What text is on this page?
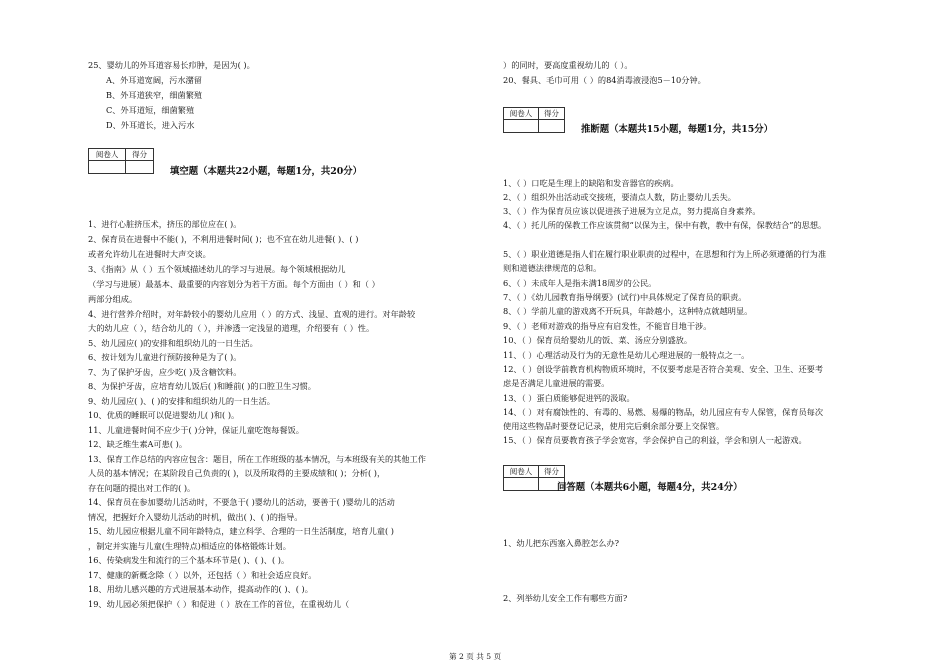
25、婴幼儿的外耳道容易长疖肿，是因为( )。
A、外耳道宽阔，污水潴留
B、外耳道狭窄，细菌繁殖
C、外耳道短，细菌繁殖
D、外耳道长，进入污水
阅卷人	得分

填空题（本题共22小题，每题1分，共20分）
1、进行心脏挤压术，挤压的部位应在( )。
2、保育员在进餐中不能( )，不利用进餐时间( )；也不宜在幼儿进餐( )、( )
或者允许幼儿在进餐时大声交谈。
3、《指南》从（ ）五个领域描述幼儿的学习与进展。每个领域根据幼儿
（学习与进展）最基本、最重要的内容划分为若干方面。每个方面由（ ）和（ ）
两部分组成。
4、进行营养介绍时，对年龄较小的婴幼儿应用（ ）的方式、浅显、直观的进行。对年龄较
大的幼儿应（ ），结合幼儿的（ ），并渗透一定浅显的道理，介绍要有（ ）性。
5、幼儿园应( )的安排和组织幼儿的一日生活。
6、按计划为儿童进行预防接种是为了( )。
7、为了保护牙齿，应少吃( )及含糖饮料。
8、为保护牙齿，应培育幼儿饭后( )和睡前( )的口腔卫生习惯。
9、幼儿园应( )、( )的安排和组织幼儿的一日生活。
10、优质的睡眠可以促进婴幼儿( )和( )。
11、儿童进餐时间不应少于( )分钟，保证儿童吃饱每餐饭。
12、缺乏维生素A可患( )。
13、保育工作总结的内容应包含：题目，所在工作班级的基本情况，与本班级有关的其他工作
人员的基本情况；在某阶段自己负责的( )，以及所取得的主要成绩和( )；分析( )，
存在问题的提出对工作的( )。
14、保育员在参加婴幼儿活动时，不要急于( )婴幼儿的活动，要善于( )婴幼儿的活动
情况，把握好介入婴幼儿活动的时机，做出( )、( )的指导。
15、幼儿园应根据儿童不同年龄特点，建立科学、合理的一日生活制度，培育儿童( )
，制定并实施与儿童(生理特点)相适应的体格锻炼计划。
16、传染病发生和流行的三个基本环节是( )、( )、( )。
17、健康的新概念除（ ）以外，还包括（ ）和社会适应良好。
18、用幼儿感兴趣的方式进展基本动作，提高动作的( )、( )。
19、幼儿园必须把保护（ ）和促进（ ）放在工作的首位，在重视幼儿（
）的同时，要高度重视幼儿的（ ）。
20、餐具、毛巾可用（ ）的84消毒液浸泡5－10分钟。
阅卷人	得分

推断题（本题共15小题，每题1分，共15分）
1、（ ）口吃是生理上的缺陷和发音器官的疾病。
2、（ ）组织外出活动或交接班，要清点人数，防止婴幼儿丢失。
3、（ ）作为保育员应该以促进孩子进展为立足点，努力提高自身素养。
4、（ ）托儿所的保教工作应该贯彻“以保为主，保中有教，教中有保，保教结合”的思想。
5、（ ）职业道德是指人们在履行职业职责的过程中，在思想和行为上所必须遵循的行为准
则和道德法律规范的总和。
6、（ ）未成年人是指未满18周岁的公民。
7、（ ）《幼儿园教育指导纲要》(试行)中具体规定了保育员的职责。
8、（ ）学前儿童的游戏离不开玩具，年龄越小，这种特点就越明显。
9、（ ）老师对游戏的指导应有启发性，不能盲目地干涉。
10、（ ）保育员给婴幼儿的饭、菜、汤应分别盛放。
11、（ ）心理活动及行为的无意性是幼儿心理进展的一般特点之一。
12、（ ）创设学前教育机构物质环境时，不仅要考虑是否符合美观、安全、卫生、还要考
虑是否满足儿童进展的需要。
13、（ ）蛋白质能够促进钙的汲取。
14、（ ）对有腐蚀性的、有毒的、易燃、易爆的物品，幼儿园应有专人保管，保育员每次
使用这些物品时要登记记录，使用完后剩余部分要上交保管。
15、（ ）保育员要教育孩子学会宽容，学会保护自己的利益，学会和别人一起游戏。
阅卷人	得分

问答题（本题共6小题，每题4分，共24分）
1、幼儿把东西塞入鼻腔怎么办?
2、列举幼儿安全工作有哪些方面?
第 2 页 共 5 页
